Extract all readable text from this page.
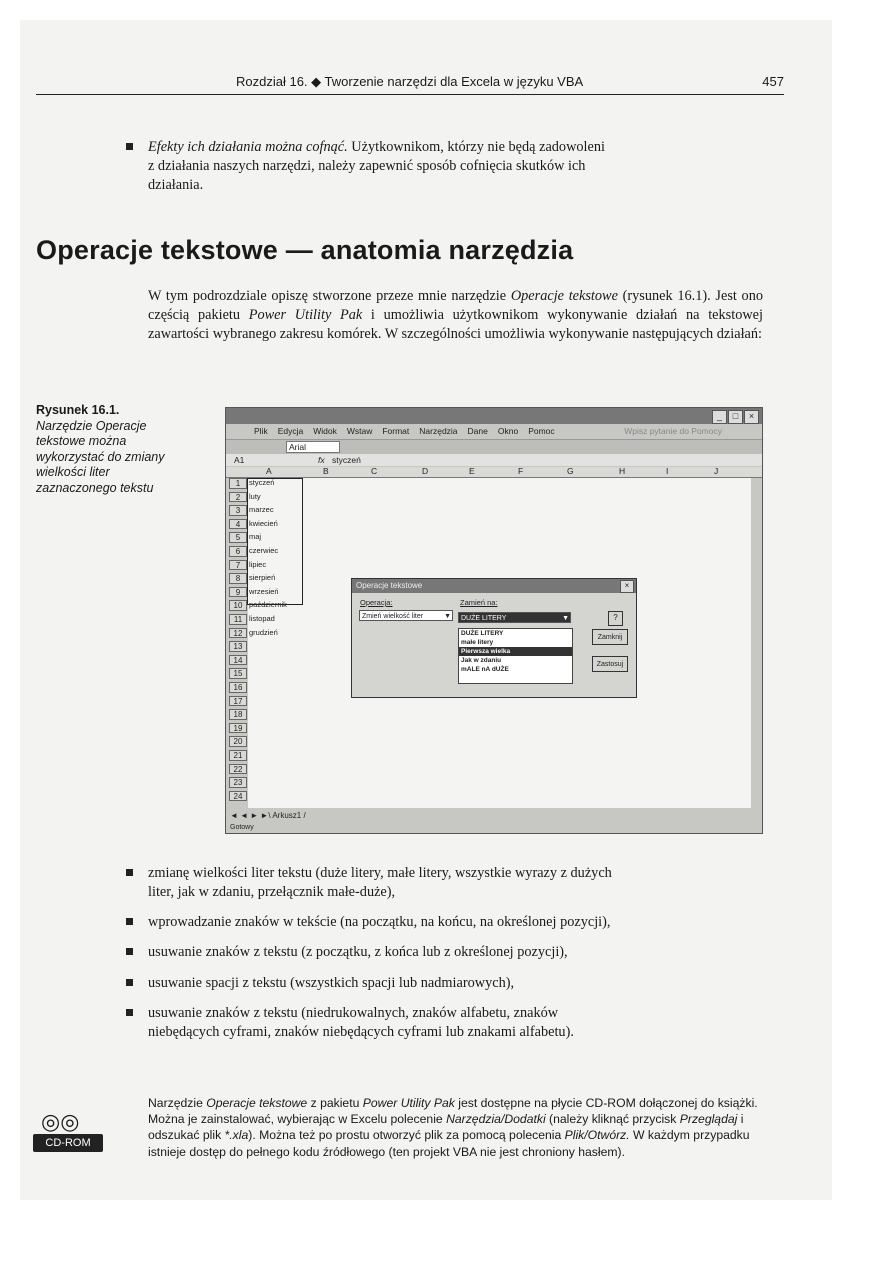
Rozdział 16. ◆ Tworzenie narzędzi dla Excela w języku VBA	457
Efekty ich działania można cofnąć. Użytkownikom, którzy nie będą zadowoleni
z działania naszych narzędzi, należy zapewnić sposób cofnięcia skutków ich
działania.
Operacje tekstowe — anatomia narzędzia
W tym podrozdziale opiszę stworzone przeze mnie narzędzie Operacje tekstowe (rysunek 16.1). Jest ono częścią pakietu Power Utility Pak i umożliwia użytkownikom wykonywanie działań na tekstowej zawartości wybranego zakresu komórek. W szczególności umożliwia wykonywanie następujących działań:
Rysunek 16.1.
Narzędzie Operacje tekstowe można wykorzystać do zmiany wielkości liter zaznaczonego tekstu
_	□	×
Plik Edycja Widok Wstaw Format Narzędzia Dane Okno Pomoc	Wpisz pytanie do Pomocy
Arial
A1	fx styczeń
A	B	C	D	E	F	G	H	I	J
Operacje tekstowe	×
Operacja:
Zmień wielkość liter	▼
Zamień na:
DUŻE LITERY	▼
DUŻE LITERY
małe litery
Pierwsza wielka
Jak w zdaniu
mALE nA dUŻE
?
Zamknij
Zastosuj
◄ ◄ ► ►\ Arkusz1 /
Gotowy
1	styczeń
2	luty
3	marzec
4	kwiecień
5	maj
6	czerwiec
7	lipiec
8	sierpień
9	wrzesień
10 październik
11 listopad
12 grudzień
13
14
15
16
17
18
19
20
21
22
23
24
zmianę wielkości liter tekstu (duże litery, małe litery, wszystkie wyrazy z dużych
liter, jak w zdaniu, przełącznik małe-duże),
wprowadzanie znaków w tekście (na początku, na końcu, na określonej pozycji),
usuwanie znaków z tekstu (z początku, z końca lub z określonej pozycji),
usuwanie spacji z tekstu (wszystkich spacji lub nadmiarowych),
usuwanie znaków z tekstu (niedrukowalnych, znaków alfabetu, znaków
niebędących cyframi, znaków niebędących cyframi lub znakami alfabetu).
◎◎
CD-ROM
Narzędzie Operacje tekstowe z pakietu Power Utility Pak jest dostępne na płycie CD-ROM dołączonej do książki. Można je zainstalować, wybierając w Excelu polecenie Narzędzia/Dodatki (należy kliknąć przycisk Przeglądaj i odszukać plik *.xla). Można też po prostu otworzyć plik za pomocą polecenia Plik/Otwórz. W każdym przypadku istnieje dostęp do pełnego kodu źródłowego (ten projekt VBA nie jest chroniony hasłem).
